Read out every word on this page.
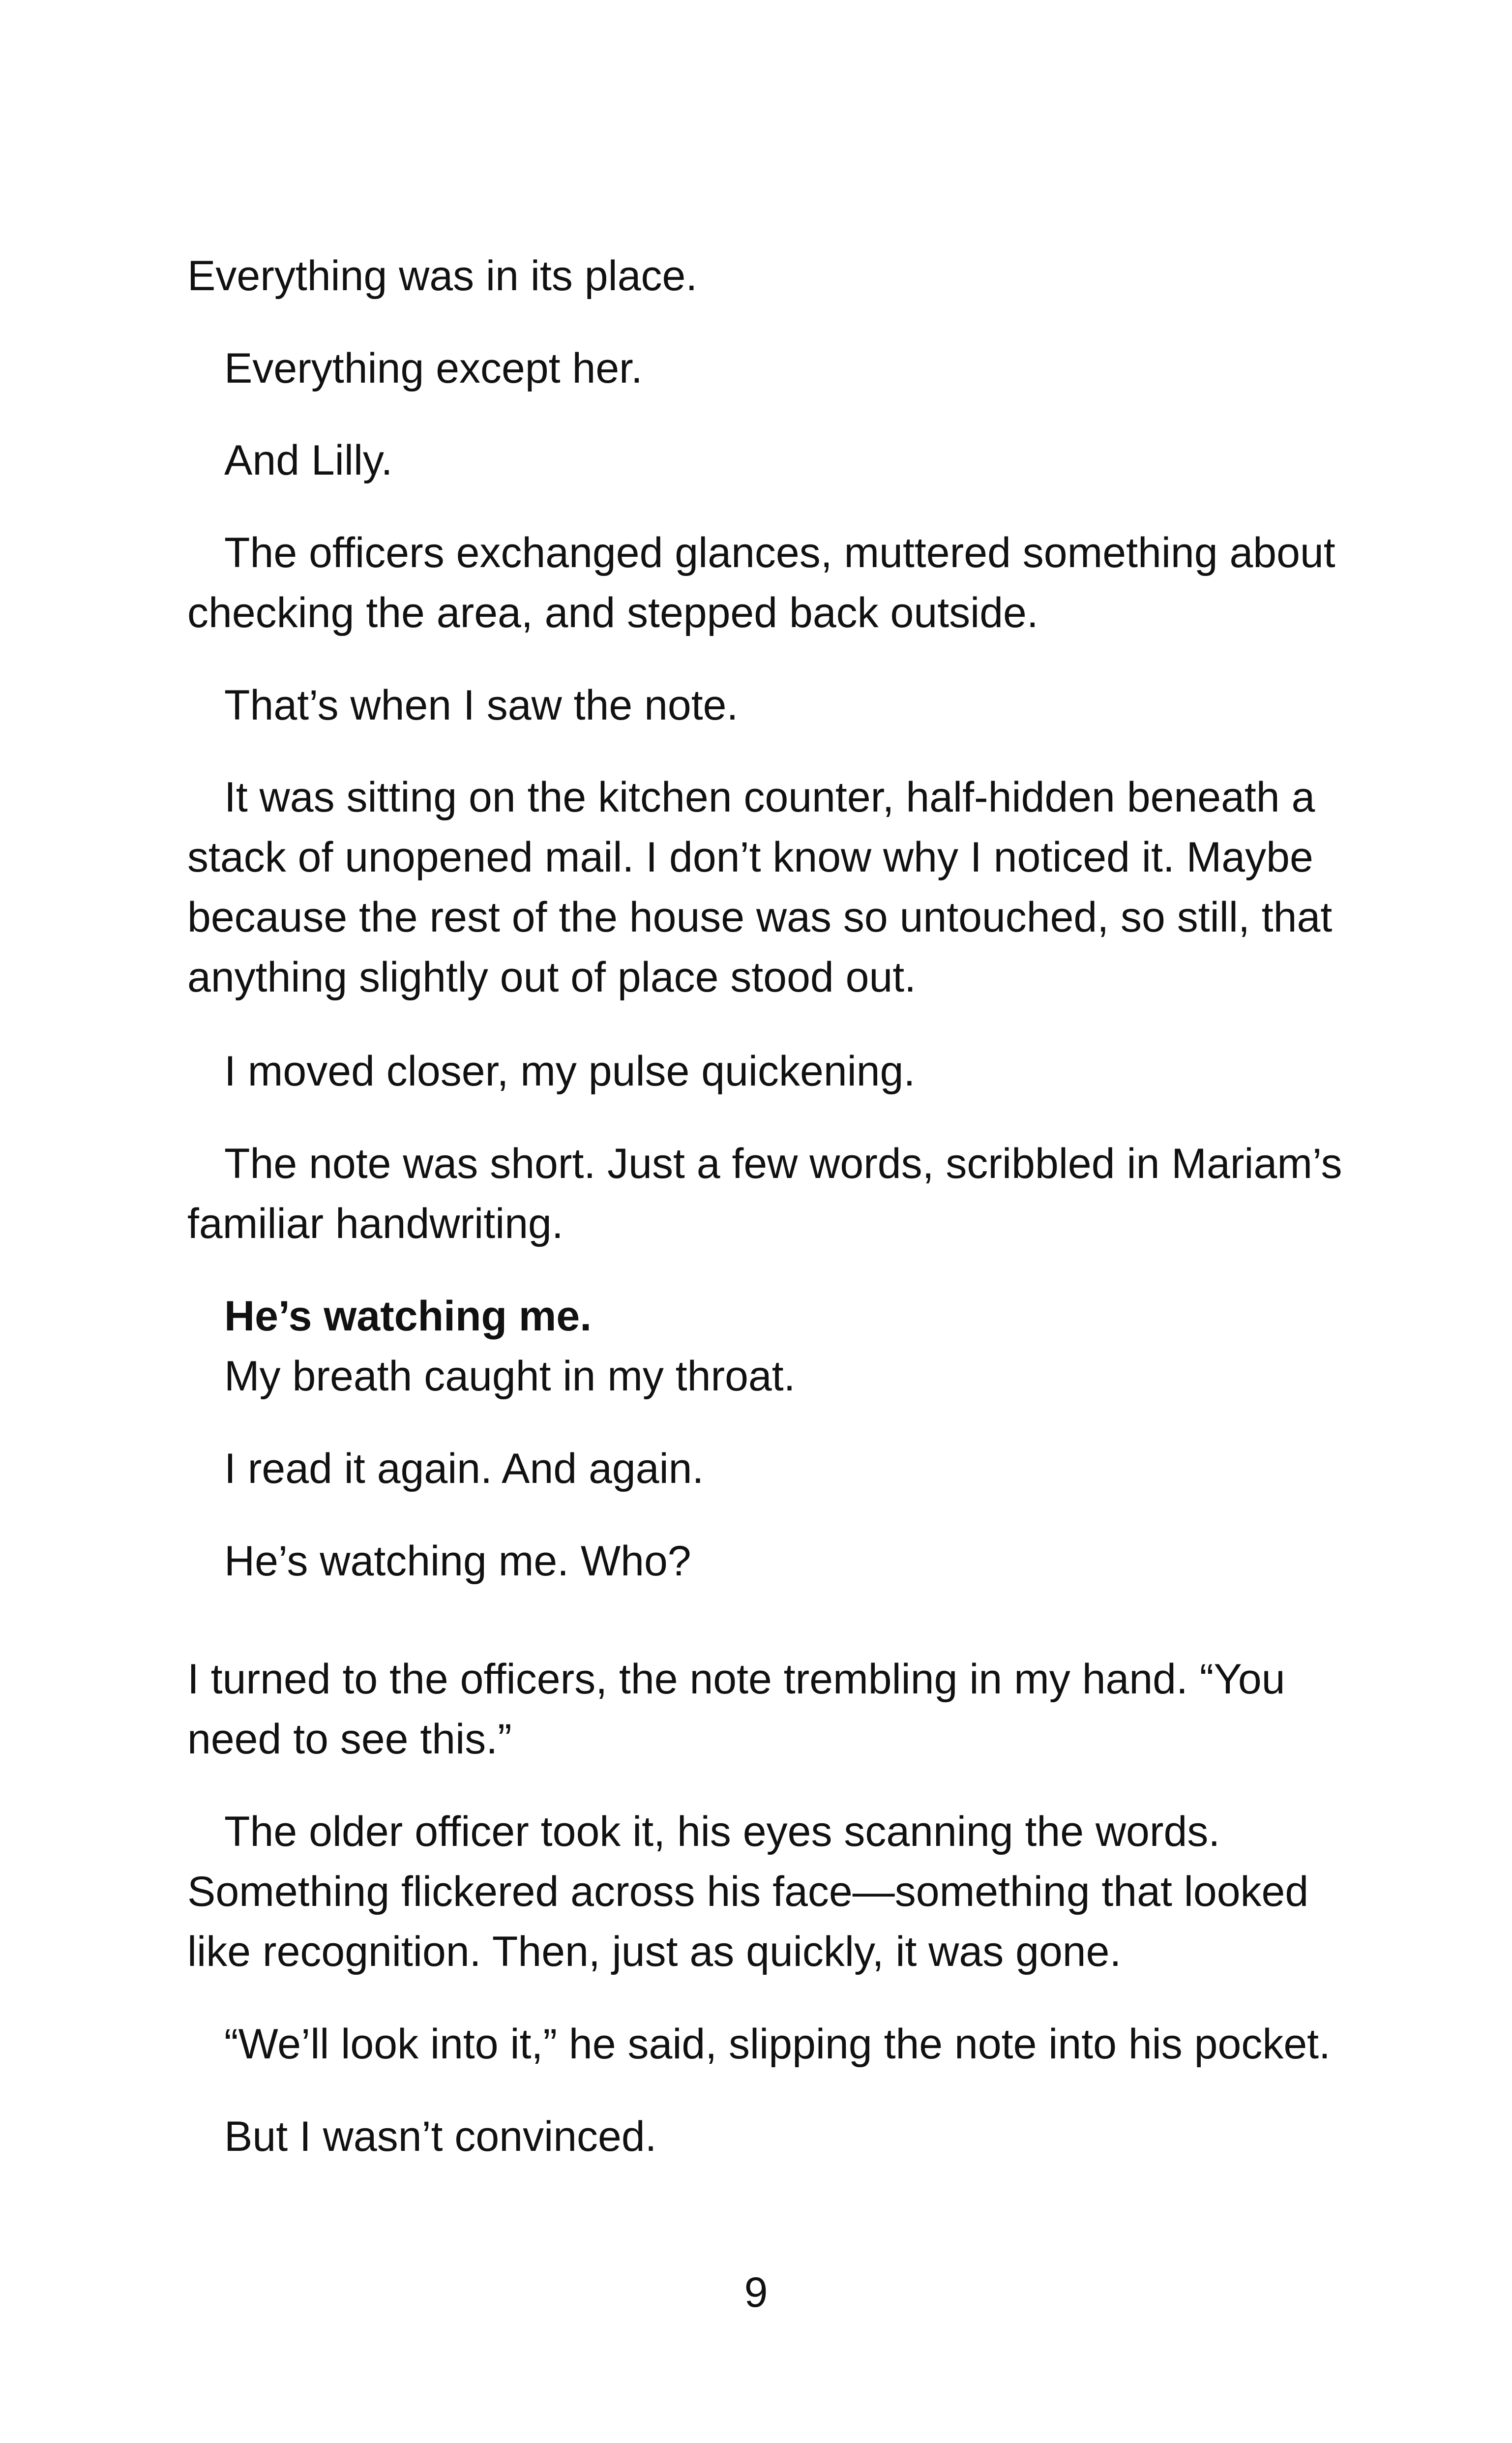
Everything was in its place.

Everything except her.

And Lilly.

The officers exchanged glances, muttered something about checking the area, and stepped back outside.

That’s when I saw the note.

It was sitting on the kitchen counter, half-hidden beneath a stack of unopened mail. I don’t know why I noticed it. Maybe because the rest of the house was so untouched, so still, that anything slightly out of place stood out.

I moved closer, my pulse quickening.

The note was short. Just a few words, scribbled in Mariam’s familiar handwriting.

He’s watching me.

My breath caught in my throat.

I read it again. And again.

He’s watching me. Who?

I turned to the officers, the note trembling in my hand. “You need to see this.”

The older officer took it, his eyes scanning the words. Something flickered across his face—something that looked like recognition. Then, just as quickly, it was gone.

“We’ll look into it,” he said, slipping the note into his pocket.

But I wasn’t convinced.

9
